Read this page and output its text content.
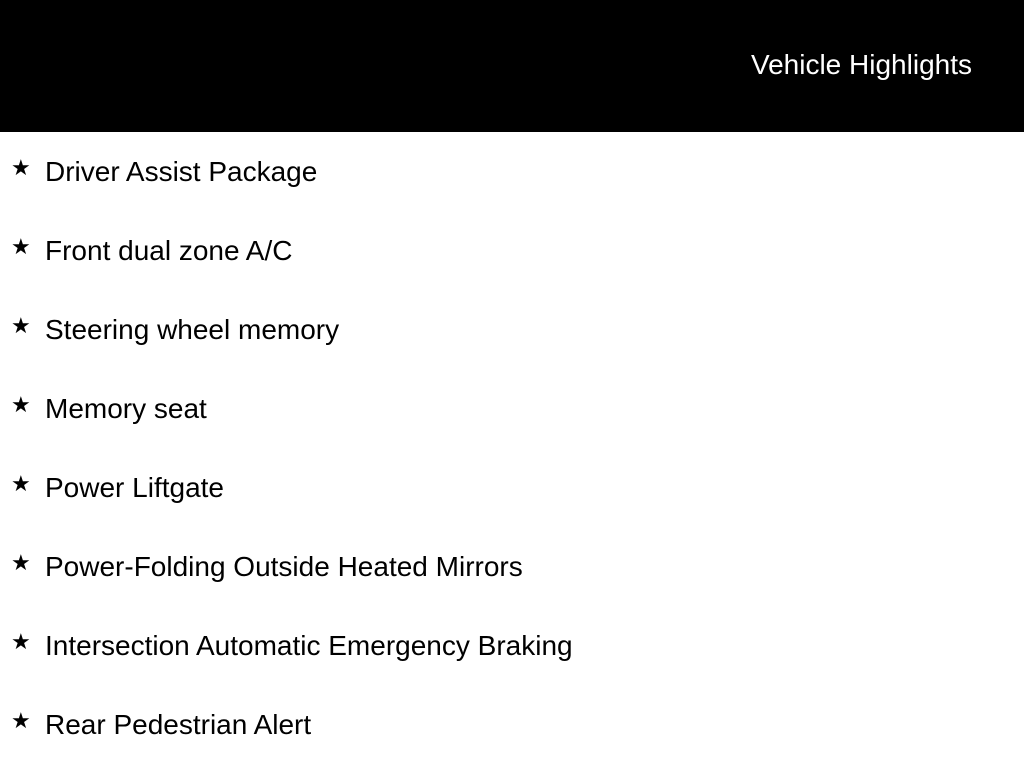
Vehicle Highlights
★ Driver Assist Package
★ Front dual zone A/C
★ Steering wheel memory
★ Memory seat
★ Power Liftgate
★ Power-Folding Outside Heated Mirrors
★ Intersection Automatic Emergency Braking
★ Rear Pedestrian Alert
